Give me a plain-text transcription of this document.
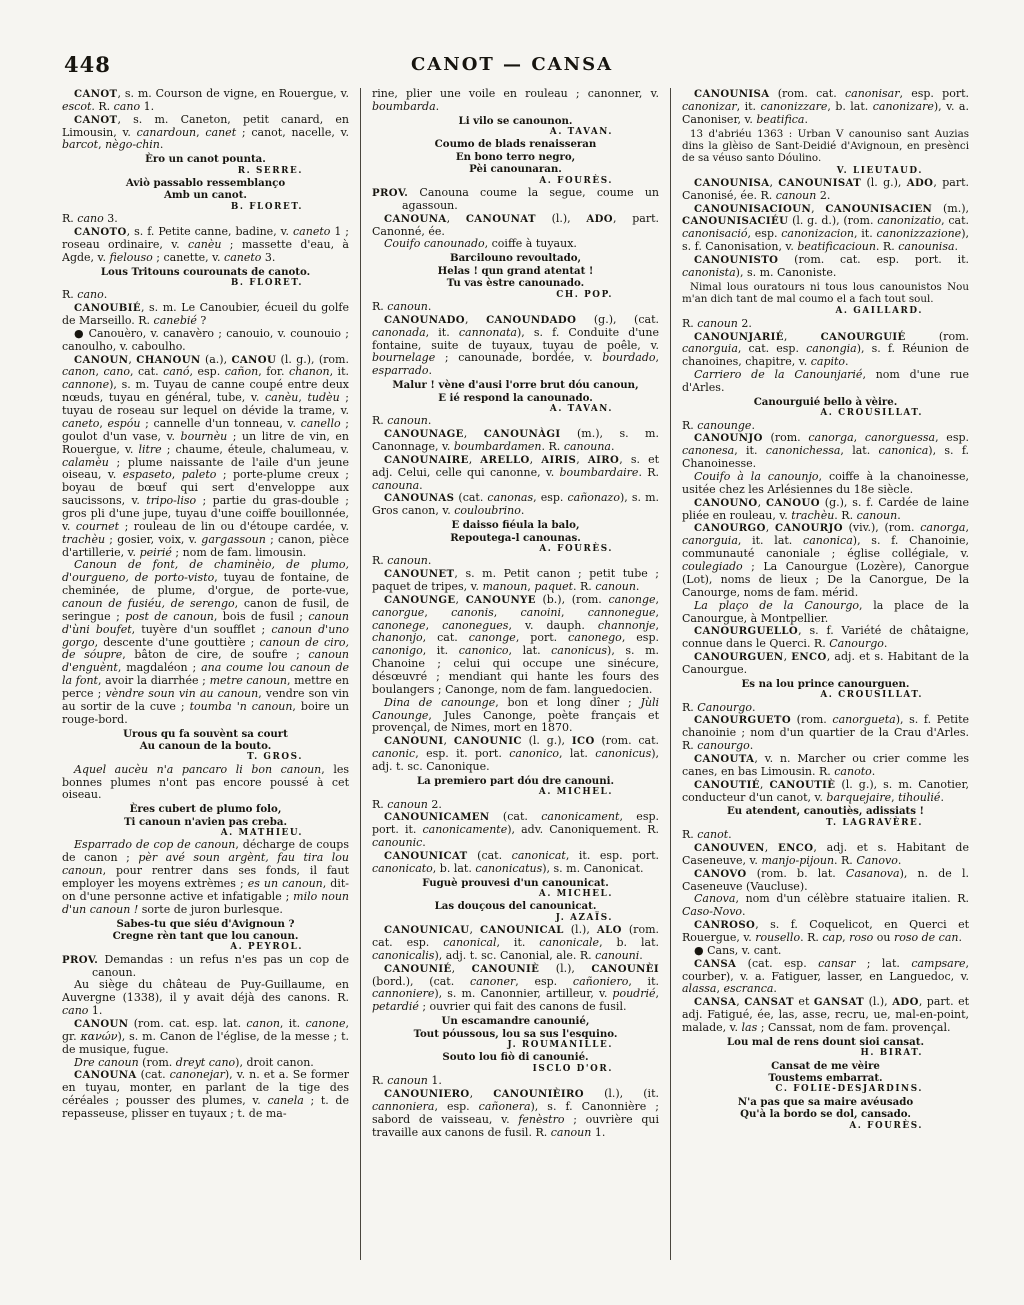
448	CANOT — CANSA
CANOT, s. m. Courson de vigne, en Rouergue, v. escot. R. cano 1.
CANOT, s. m. Caneton, petit canard, en Limousin, v. canardoun, canet ; canot, nacelle, v. barcot, nègo-chin.
Èro un canot pounta.
R. SERRE.
Aviò passablo ressemblanço
Amb un canot.
B. FLORET.
R. cano 3.
CANOTO, s. f. Petite canne, badine, v. caneto 1 ; roseau ordinaire, v. canèu ; massette d'eau, à Agde, v. fielouso ; canette, v. caneto 3.
Lous Tritouns courounats de canoto.
B. FLORET.
R. cano.
CANOUBIÉ, s. m. Le Canoubier, écueil du golfe de Marseillo. R. canebié ?
● Canouèro, v. canavèro ; canouio, v. counouio ; canoulho, v. caboulho.
CANOUN, CHANOUN (a.), CANOU (l. g.), (rom. canon, cano, cat. canó, esp. cañon, for. chanon, it. cannone), s. m. Tuyau de canne coupé entre deux nœuds, tuyau en général, tube, v. canèu, tudèu ; tuyau de roseau sur lequel on dévide la trame, v. caneto, espóu ; cannelle d'un tonneau, v. canello ; goulot d'un vase, v. bournèu ; un litre de vin, en Rouergue, v. litre ; chaume, éteule, chalumeau, v. calamèu ; plume naissante de l'aile d'un jeune oiseau, v. espaseto, paleto ; porte-plume creux ; boyau de bœuf qui sert d'enveloppe aux saucissons, v. tripo-liso ; partie du gras-double ; gros pli d'une jupe, tuyau d'une coiffe bouillonnée, v. cournet ; rouleau de lin ou d'étoupe cardée, v. trachèu ; gosier, voix, v. gargassoun ; canon, pièce d'artillerie, v. peirié ; nom de fam. limousin.
Canoun de font, de chaminèio, de plumo, d'ourgueno, de porto-visto, tuyau de fontaine, de cheminée, de plume, d'orgue, de porte-vue, canoun de fusiéu, de serengo, canon de fusil, de seringue ; post de canoun, bois de fusil ; canoun d'ùni boufet, tuyère d'un soufflet ; canoun d'uno gorgo, descente d'une gouttière ; canoun de ciro, de sóupre, bâton de cire, de soufre ; canoun d'enguènt, magdaléon ; ana coume lou canoun de la font, avoir la diarrhée ; metre canoun, mettre en perce ; vèndre soun vin au canoun, vendre son vin au sortir de la cuve ; toumba 'n canoun, boire un rouge-bord.
Urous qu fa souvènt sa court
Au canoun de la bouto.
T. GROS.
Aquel aucèu n'a pancaro li bon canoun, les bonnes plumes n'ont pas encore poussé à cet oiseau.
Ères cubert de plumo folo,
Ti canoun n'avien pas creba.
A. MATHIEU.
Esparrado de cop de canoun, décharge de coups de canon ; pèr avé soun argènt, fau tira lou canoun, pour rentrer dans ses fonds, il faut employer les moyens extrèmes ; es un canoun, dit-on d'une personne active et infatigable ; milo noun d'un canoun ! sorte de juron burlesque.
Sabes-tu que siéu d'Avignoun ?
Cregne rèn tant que lou canoun.
A. PEYROL.
PROV. Demandas : un refus n'es pas un cop de canoun.
Au siège du château de Puy-Guillaume, en Auvergne (1338), il y avait déjà des canons. R. cano 1.
CANOUN (rom. cat. esp. lat. canon, it. canone, gr. κανών), s. m. Canon de l'église, de la messe ; t. de musique, fugue.
Dre canoun (rom. dreyt cano), droit canon.
CANOUNA (cat. canonejar), v. n. et a. Se former en tuyau, monter, en parlant de la tige des céréales ; pousser des plumes, v. canela ; t. de repasseuse, plisser en tuyaux ; t. de ma-
rine, plier une voile en rouleau ; canonner, v. boumbarda.
Li vilo se canounon.
A. TAVAN.
Coumo de blads renaisseran
En bono terro negro,
Pèi canounaran.
A. FOURÈS.
PROV. Canouna coume la segue, coume un agassoun.
CANOUNA, CANOUNAT (l.), ADO, part. Canonné, ée.
Couifo canounado, coiffe à tuyaux.
Barcilouno revoultado,
Helas ! qun grand atentat !
Tu vas èstre canounado.
CH. POP.
R. canoun.
CANOUNADO, CANOUNDADO (g.), (cat. canonada, it. cannonata), s. f. Conduite d'une fontaine, suite de tuyaux, tuyau de poêle, v. bournelage ; canounade, bordée, v. bourdado, esparrado.
Malur ! vène d'ausi l'orre brut dóu canoun,
E ié respond la canounado.
A. TAVAN.
R. canoun.
CANOUNAGE, CANOUNÀGI (m.), s. m. Canonnage, v. boumbardamen. R. canouna.
CANOUNAIRE, ARELLO, AIRIS, AIRO, s. et adj. Celui, celle qui canonne, v. boumbardaire. R. canouna.
CANOUNAS (cat. canonas, esp. cañonazo), s. m. Gros canon, v. couloubrino.
E daisso fiéula la balo,
Repoutega-l canounas.
A. FOURÈS.
R. canoun.
CANOUNET, s. m. Petit canon ; petit tube ; paquet de tripes, v. manoun, paquet. R. canoun.
CANOUNGE, CANOUNYE (b.), (rom. canonge, canorgue, canonis, canoini, cannonegue, canonege, canonegues, v. dauph. channonje, chanonjo, cat. canonge, port. canonego, esp. canonigo, it. canonico, lat. canonicus), s. m. Chanoine ; celui qui occupe une sinécure, désœuvré ; mendiant qui hante les fours des boulangers ; Canonge, nom de fam. languedocien.
Dina de canounge, bon et long dîner ; Jùli Canounge, Jules Canonge, poète français et provençal, de Nimes, mort en 1870.
CANOUNI, CANOUNIC (l. g.), ICO (rom. cat. canonic, esp. it. port. canonico, lat. canonicus), adj. t. sc. Canonique.
La premiero part dóu dre canouni.
A. MICHEL.
R. canoun 2.
CANOUNICAMEN (cat. canonicament, esp. port. it. canonicamente), adv. Canoniquement. R. canounic.
CANOUNICAT (cat. canonicat, it. esp. port. canonicato, b. lat. canonicatus), s. m. Canonicat.
Fuguè prouvesi d'un canounicat.
A. MICHEL.
Las douçous del canounicat.
J. AZAÏS.
CANOUNICAU, CANOUNICAL (l.), ALO (rom. cat. esp. canonical, it. canonicale, b. lat. canonicalis), adj. t. sc. Canonial, ale. R. canouni.
CANOUNIÉ, CANOUNIÈ (l.), CANOUNÈI (bord.), (cat. canoner, esp. cañoniero, it. cannoniere), s. m. Canonnier, artilleur, v. poudrié, petardié ; ouvrier qui fait des canons de fusil.
Un escamandre canounié,
Tout póussous, lou sa sus l'esquino.
J. ROUMANILLE.
Souto lou fiò di canounié.
ISCLO D'OR.
R. canoun 1.
CANOUNIERO, CANOUNIÈIRO (l.), (it. cannoniera, esp. cañonera), s. f. Canonnière ; sabord de vaisseau, v. fenèstro ; ouvrière qui travaille aux canons de fusil. R. canoun 1.
CANOUNISA (rom. cat. canonisar, esp. port. canonizar, it. canonizzare, b. lat. canonizare), v. a. Canoniser, v. beatifica.
13 d'abriéu 1363 : Urban V canouniso sant Auzias dins la glèiso de Sant-Deidié d'Avignoun, en presènci de sa véuso santo Dóulino.
V. LIEUTAUD.
CANOUNISA, CANOUNISAT (l. g.), ADO, part. Canonisé, ée. R. canoun 2.
CANOUNISACIOUN, CANOUNISACIEN (m.), CANOUNISACIÉU (l. g. d.), (rom. canonizatio, cat. canonisació, esp. canonizacion, it. canonizzazione), s. f. Canonisation, v. beatificacioun. R. canounisa.
CANOUNISTO (rom. cat. esp. port. it. canonista), s. m. Canoniste.
Nimal lous ouratours ni tous lous canounistos Nou m'an dich tant de mal coumo el a fach tout soul.
A. GAILLARD.
R. canoun 2.
CANOUNJARIÉ, CANOURGUIÉ (rom. canorguia, cat. esp. canongia), s. f. Réunion de chanoines, chapitre, v. capito.
Carriero de la Canounjarié, nom d'une rue d'Arles.
Canourguié bello à vèire.
A. CROUSILLAT.
R. canounge.
CANOUNJO (rom. canorga, canorguessa, esp. canonesa, it. canonichessa, lat. canonica), s. f. Chanoinesse.
Couifo à la canounjo, coiffe à la chanoinesse, usitée chez les Arlésiennes du 18e siècle.
CANOUNO, CANOUO (g.), s. f. Cardée de laine pliée en rouleau, v. trachèu. R. canoun.
CANOURGO, CANOURJO (viv.), (rom. canorga, canorguia, it. lat. canonica), s. f. Chanoinie, communauté canoniale ; église collégiale, v. coulegiado ; La Canourgue (Lozère), Canorgue (Lot), noms de lieux ; De la Canorgue, De la Canourge, noms de fam. mérid.
La plaço de la Canourgo, la place de la Canourgue, à Montpellier.
CANOURGUELLO, s. f. Variété de châtaigne, connue dans le Querci. R. Canourgo.
CANOURGUEN, ENCO, adj. et s. Habitant de la Canourgue.
Es na lou prince canourguen.
A. CROUSILLAT.
R. Canourgo.
CANOURGUETO (rom. canorgueta), s. f. Petite chanoinie ; nom d'un quartier de la Crau d'Arles. R. canourgo.
CANOUTA, v. n. Marcher ou crier comme les canes, en bas Limousin. R. canoto.
CANOUTIÉ, CANOUTIÈ (l. g.), s. m. Canotier, conducteur d'un canot, v. barquejaire, tihoulié.
Eu atendent, canoutiès, adissiats !
T. LAGRAVÈRE.
R. canot.
CANOUVEN, ENCO, adj. et s. Habitant de Caseneuve, v. manjo-pijoun. R. Canovo.
CANOVO (rom. b. lat. Casanova), n. de l. Caseneuve (Vaucluse).
Canova, nom d'un célèbre statuaire italien. R. Caso-Novo.
CANROSO, s. f. Coquelicot, en Querci et Rouergue, v. rousello. R. cap, roso ou roso de can.
● Cans, v. cant.
CANSA (cat. esp. cansar ; lat. campsare, courber), v. a. Fatiguer, lasser, en Languedoc, v. alassa, escranca.
CANSA, CANSAT et GANSAT (l.), ADO, part. et adj. Fatigué, ée, las, asse, recru, ue, mal-en-point, malade, v. las ; Canssat, nom de fam. provençal.
Lou mal de rens dount sioi cansat.
H. BIRAT.
Cansat de me vèire
Toustems embarrat.
C. FOLIE-DESJARDINS.
N'a pas que sa maire avéusado
Qu'à la bordo se dol, cansado.
A. FOURÈS.
